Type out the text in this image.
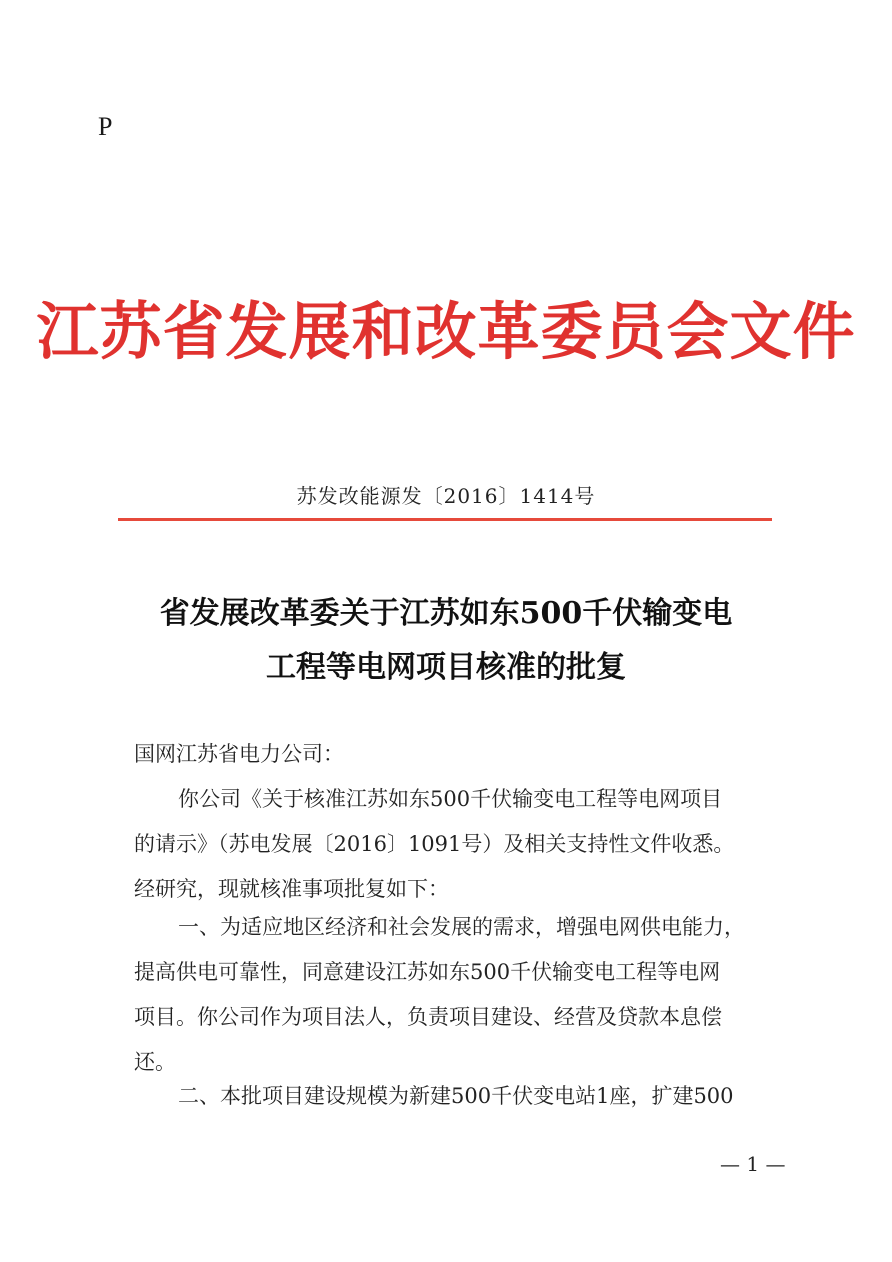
P
江苏省发展和改革委员会文件
苏发改能源发〔2016〕1414号
省发展改革委关于江苏如东500千伏输变电
工程等电网项目核准的批复
国网江苏省电力公司：
你公司《关于核准江苏如东500千伏输变电工程等电网项目
的请示》（苏电发展〔2016〕1091号）及相关支持性文件收悉。
经研究，现就核准事项批复如下：
一、为适应地区经济和社会发展的需求，增强电网供电能力，
提高供电可靠性，同意建设江苏如东500千伏输变电工程等电网
项目。你公司作为项目法人，负责项目建设、经营及贷款本息偿
还。
二、本批项目建设规模为新建500千伏变电站1座，扩建500
— 1 —
